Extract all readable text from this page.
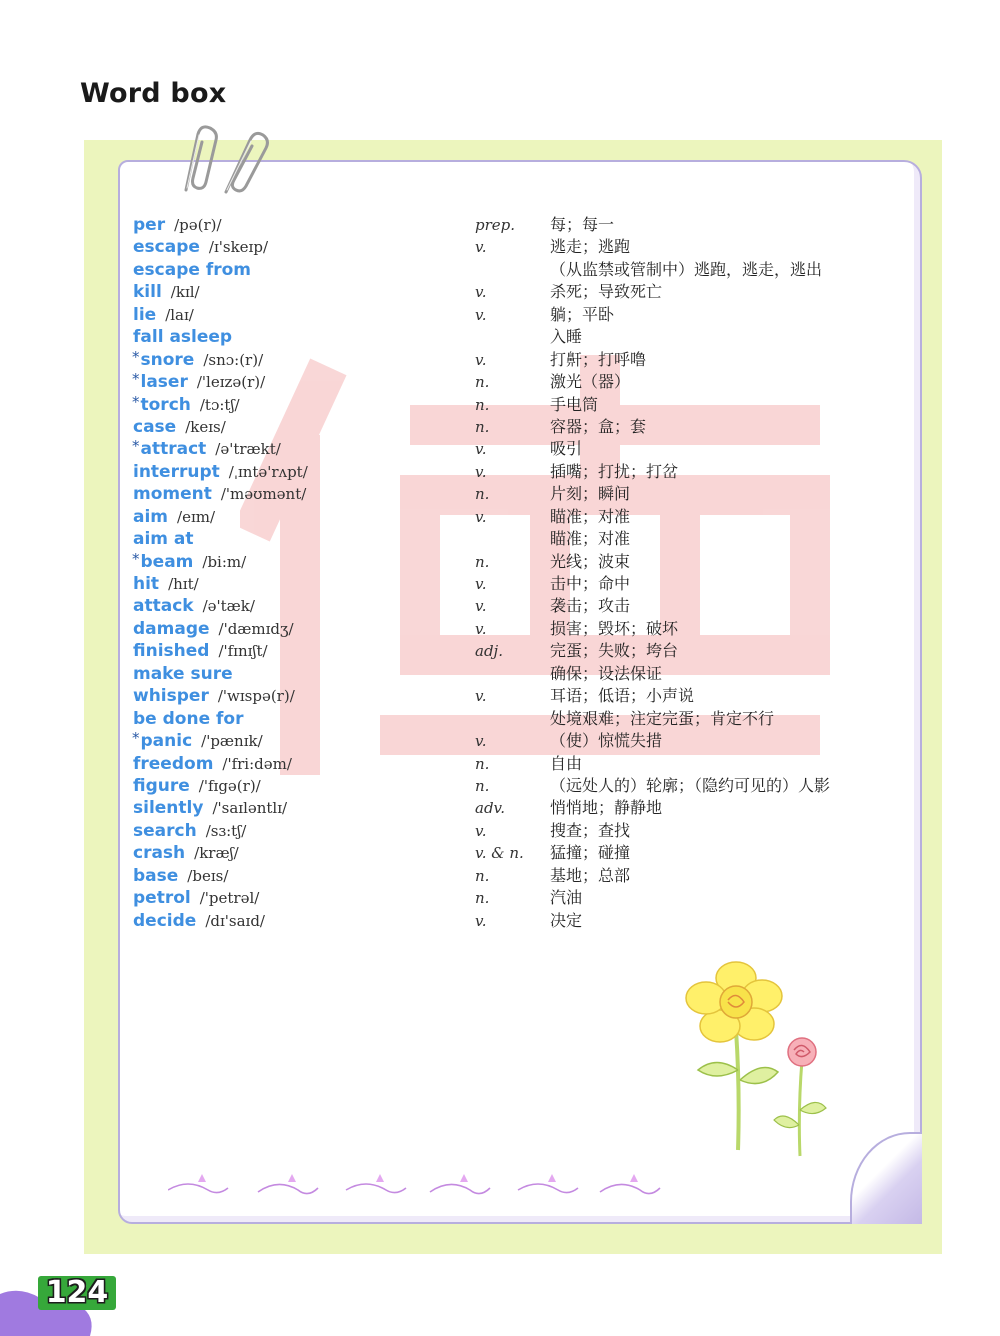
Word box
per /pə(r)/	prep. 每；每一
escape /ɪ'skeɪp/	v.	逃走；逃跑
escape from	（从监禁或管制中）逃跑，逃走，逃出
kill /kɪl/	v.	杀死；导致死亡
lie /laɪ/	v.	躺；平卧
fall asleep	入睡
*snore /snɔ:(r)/	v.	打鼾；打呼噜
*laser /'leɪzə(r)/	n.	激光（器）
*torch /tɔ:tʃ/	n.	手电筒
case /keɪs/	n.	容器；盒；套
*attract /ə'trækt/	v.	吸引
interrupt /ˌɪntə'rʌpt/	v.	插嘴；打扰；打岔
moment /'məʊmənt/	n.	片刻；瞬间
aim /eɪm/	v.	瞄准；对准
aim at	瞄准；对准
*beam /bi:m/	n.	光线；波束
hit /hɪt/	v.	击中；命中
attack /ə'tæk/	v.	袭击；攻击
damage /'dæmɪdʒ/	v.	损害；毁坏；破坏
finished /'fɪnɪʃt/	adj.	完蛋；失败；垮台
make sure	确保；设法保证
whisper /'wɪspə(r)/	v.	耳语；低语；小声说
be done for	处境艰难；注定完蛋；肯定不行
*panic /'pænɪk/	v.	（使）惊慌失措
freedom /'fri:dəm/	n.	自由
figure /'fɪgə(r)/	n.	（远处人的）轮廓；（隐约可见的）人影
silently /'saɪləntlɪ/	adv.	悄悄地；静静地
search /sɜ:tʃ/	v.	搜查；查找
crash /kræʃ/	v. & n. 猛撞；碰撞
base /beɪs/	n.	基地；总部
petrol /'petrəl/	n.	汽油
decide /dɪ'saɪd/	v.	决定
124
